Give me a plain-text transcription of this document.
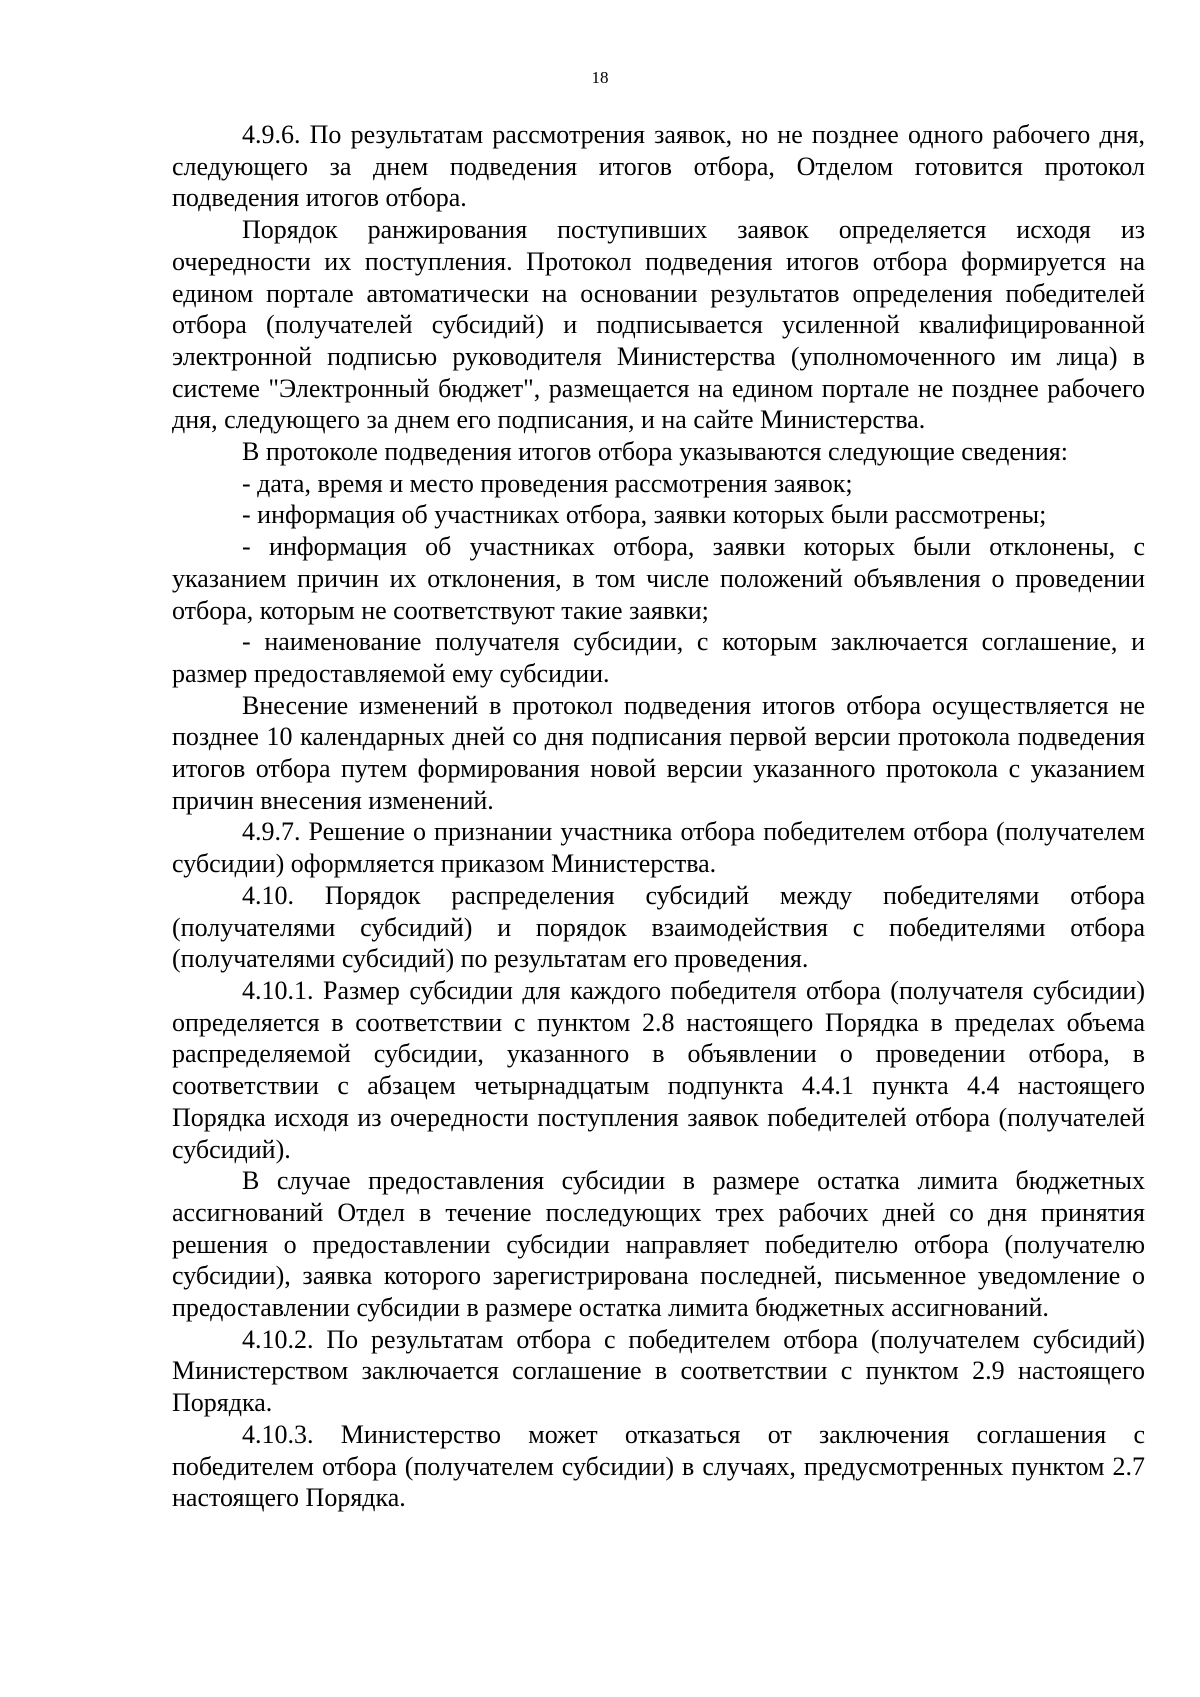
18

4.9.6. По результатам рассмотрения заявок, но не позднее одного рабочего дня, следующего за днем подведения итогов отбора, Отделом готовится протокол подведения итогов отбора.

Порядок ранжирования поступивших заявок определяется исходя из очередности их поступления. Протокол подведения итогов отбора формируется на едином портале автоматически на основании результатов определения победителей отбора (получателей субсидий) и подписывается усиленной квалифицированной электронной подписью руководителя Министерства (уполномоченного им лица) в системе "Электронный бюджет", размещается на едином портале не позднее рабочего дня, следующего за днем его подписания, и на сайте Министерства.

В протоколе подведения итогов отбора указываются следующие сведения:

- дата, время и место проведения рассмотрения заявок;

- информация об участниках отбора, заявки которых были рассмотрены;

- информация об участниках отбора, заявки которых были отклонены, с указанием причин их отклонения, в том числе положений объявления о проведении отбора, которым не соответствуют такие заявки;

- наименование получателя субсидии, с которым заключается соглашение, и размер предоставляемой ему субсидии.

Внесение изменений в протокол подведения итогов отбора осуществляется не позднее 10 календарных дней со дня подписания первой версии протокола подведения итогов отбора путем формирования новой версии указанного протокола с указанием причин внесения изменений.

4.9.7. Решение о признании участника отбора победителем отбора (получателем субсидии) оформляется приказом Министерства.

4.10. Порядок распределения субсидий между победителями отбора (получателями субсидий) и порядок взаимодействия с победителями отбора (получателями субсидий) по результатам его проведения.

4.10.1. Размер субсидии для каждого победителя отбора (получателя субсидии) определяется в соответствии с пунктом 2.8 настоящего Порядка в пределах объема распределяемой субсидии, указанного в объявлении о проведении отбора, в соответствии с абзацем четырнадцатым подпункта 4.4.1 пункта 4.4 настоящего Порядка исходя из очередности поступления заявок победителей отбора (получателей субсидий).

В случае предоставления субсидии в размере остатка лимита бюджетных ассигнований Отдел в течение последующих трех рабочих дней со дня принятия решения о предоставлении субсидии направляет победителю отбора (получателю субсидии), заявка которого зарегистрирована последней, письменное уведомление о предоставлении субсидии в размере остатка лимита бюджетных ассигнований.

4.10.2. По результатам отбора с победителем отбора (получателем субсидий) Министерством заключается соглашение в соответствии с пунктом 2.9 настоящего Порядка.

4.10.3. Министерство может отказаться от заключения соглашения с победителем отбора (получателем субсидии) в случаях, предусмотренных пунктом 2.7 настоящего Порядка.
